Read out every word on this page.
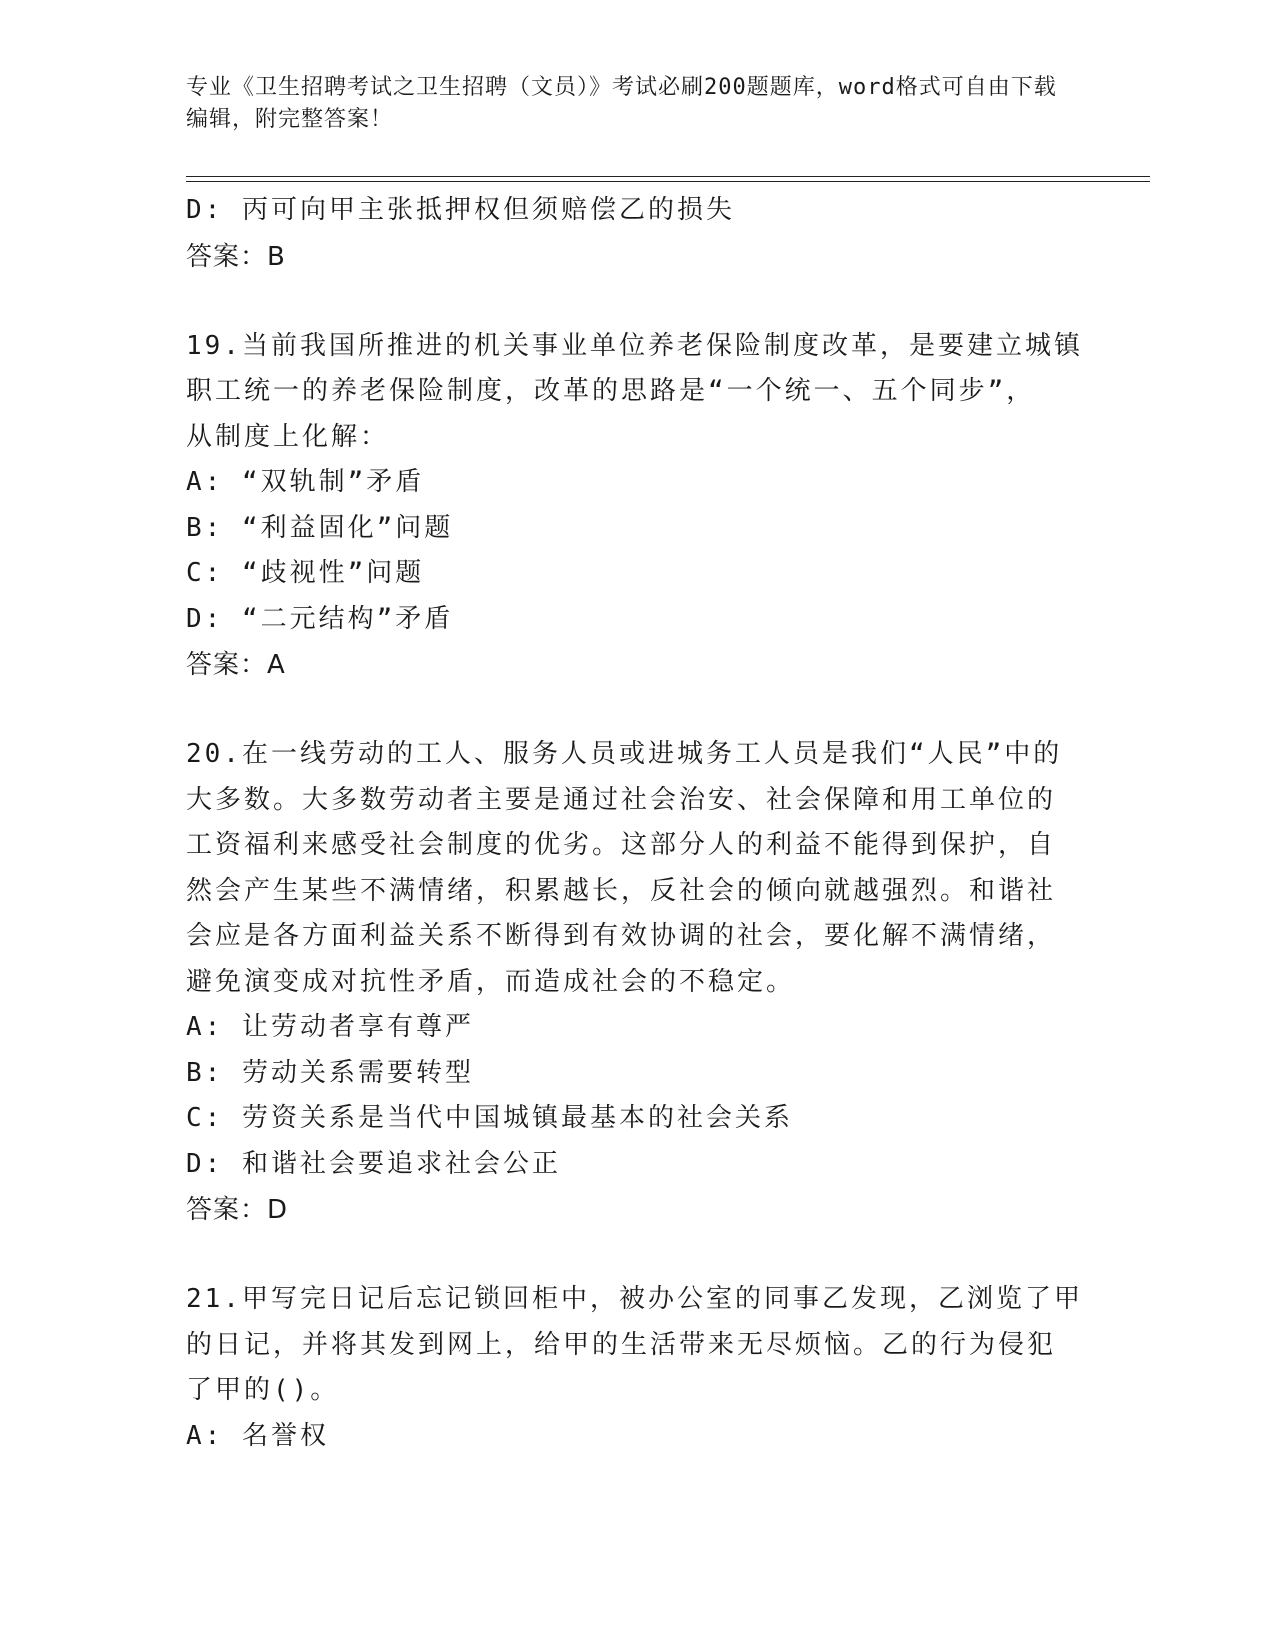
专业《卫生招聘考试之卫生招聘（文员）》考试必刷200题题库，word格式可自由下载编辑，附完整答案！
D: 丙可向甲主张抵押权但须赔偿乙的损失
答案：B
19.当前我国所推进的机关事业单位养老保险制度改革，是要建立城镇
职工统一的养老保险制度，改革的思路是“一个统一、五个同步”，
从制度上化解：
A: “双轨制”矛盾
B: “利益固化”问题
C: “歧视性”问题
D: “二元结构”矛盾
答案：A
20.在一线劳动的工人、服务人员或进城务工人员是我们“人民”中的
大多数。大多数劳动者主要是通过社会治安、社会保障和用工单位的
工资福利来感受社会制度的优劣。这部分人的利益不能得到保护，自
然会产生某些不满情绪，积累越长，反社会的倾向就越强烈。和谐社
会应是各方面利益关系不断得到有效协调的社会，要化解不满情绪，
避免演变成对抗性矛盾，而造成社会的不稳定。
A: 让劳动者享有尊严
B: 劳动关系需要转型
C: 劳资关系是当代中国城镇最基本的社会关系
D: 和谐社会要追求社会公正
答案：D
21.甲写完日记后忘记锁回柜中，被办公室的同事乙发现，乙浏览了甲
的日记，并将其发到网上，给甲的生活带来无尽烦恼。乙的行为侵犯
了甲的()。
A: 名誉权
